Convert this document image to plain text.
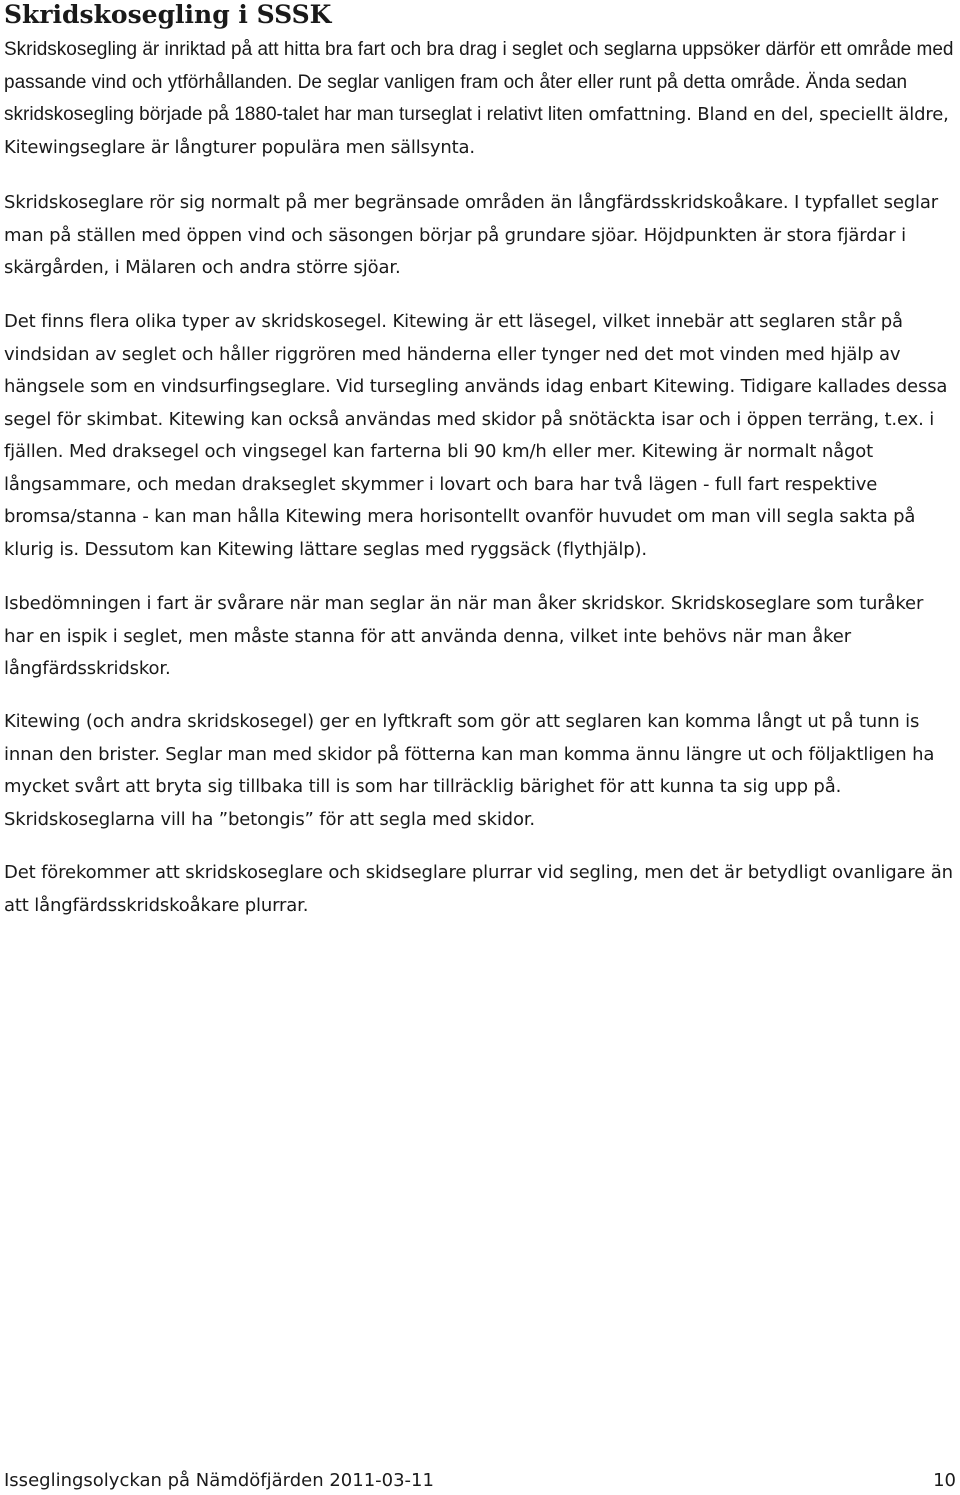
Skridskosegling i SSSK
Skridskosegling är inriktad på att hitta bra fart och bra drag i seglet och seglarna uppsöker därför ett område med passande vind och ytförhållanden. De seglar vanligen fram och åter eller runt på detta område. Ända sedan skridskosegling började på 1880-talet har man turseglat i relativt liten omfattning. Bland en del, speciellt äldre, Kitewingseglare är långturer populära men sällsynta.

Skridskoseglare rör sig normalt på mer begränsade områden än långfärdsskridskoåkare. I typfallet seglar man på ställen med öppen vind och säsongen börjar på grundare sjöar. Höjdpunkten är stora fjärdar i skärgården, i Mälaren och andra större sjöar.

Det finns flera olika typer av skridskosegel. Kitewing är ett läsegel, vilket innebär att seglaren står på vindsidan av seglet och håller riggrören med händerna eller tynger ned det mot vinden med hjälp av hängsele som en vindsurfingseglare. Vid tursegling används idag enbart Kitewing. Tidigare kallades dessa segel för skimbat. Kitewing kan också användas med skidor på snötäckta isar och i öppen terräng, t.ex. i fjällen. Med draksegel och vingsegel kan farterna bli 90 km/h eller mer. Kitewing är normalt något långsammare, och medan drakseglet skymmer i lovart och bara har två lägen - full fart respektive bromsa/stanna - kan man hålla Kitewing mera horisontellt ovanför huvudet om man vill segla sakta på klurig is. Dessutom kan Kitewing lättare seglas med ryggsäck (flythjälp).

Isbedömningen i fart är svårare när man seglar än när man åker skridskor. Skridskoseglare som turåker har en ispik i seglet, men måste stanna för att använda denna, vilket inte behövs när man åker långfärdsskridskor.

Kitewing (och andra skridskosegel) ger en lyftkraft som gör att seglaren kan komma långt ut på tunn is innan den brister. Seglar man med skidor på fötterna kan man komma ännu längre ut och följaktligen ha mycket svårt att bryta sig tillbaka till is som har tillräcklig bärighet för att kunna ta sig upp på. Skridskoseglarna vill ha ”betongis” för att segla med skidor.

Det förekommer att skridskoseglare och skidseglare plurrar vid segling, men det är betydligt ovanligare än att långfärdsskridskoåkare plurrar.

Isseglingsolyckan på Nämdöfjärden 2011-03-11	10
